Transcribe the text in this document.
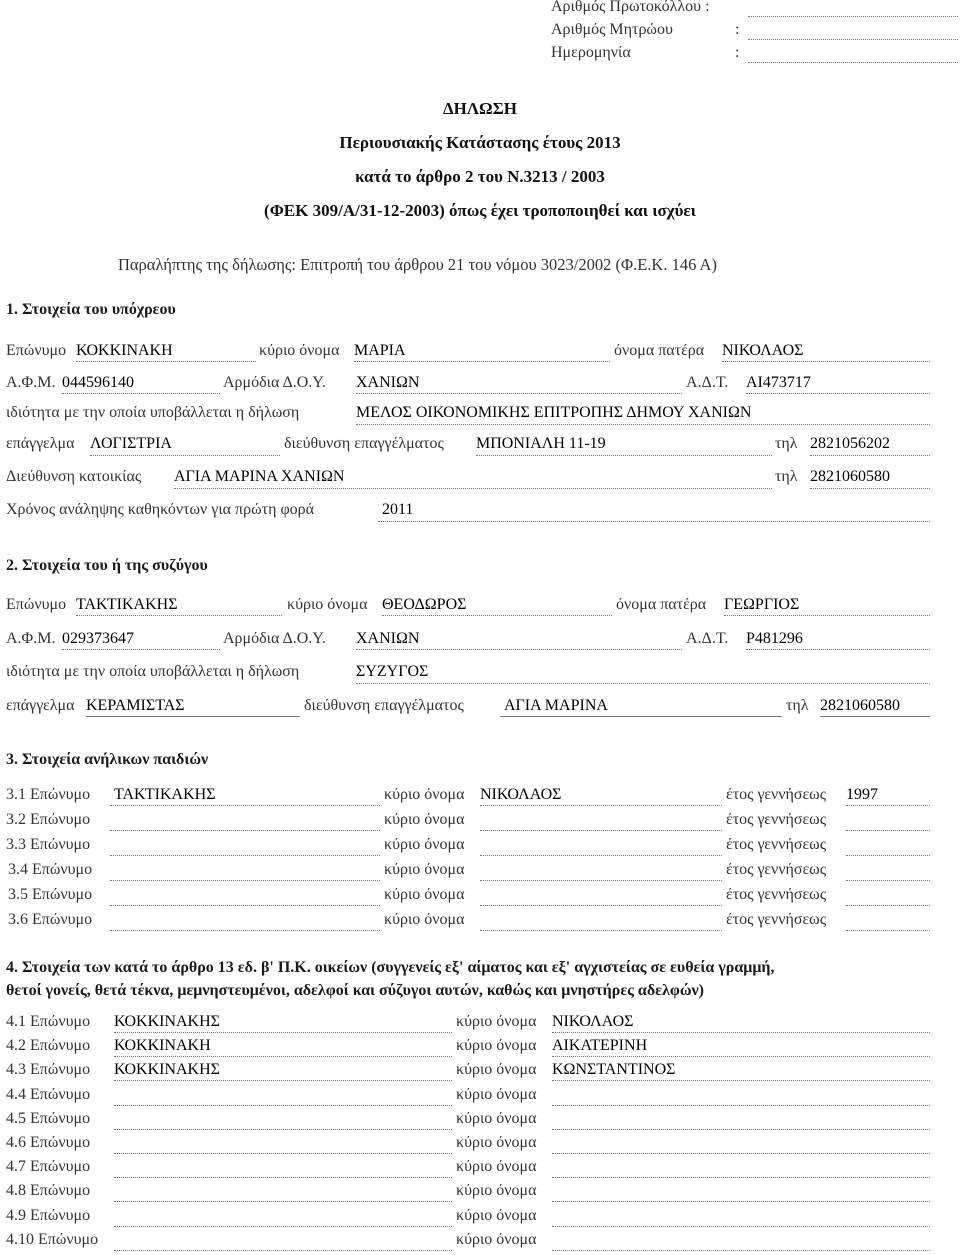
Αριθμός Πρωτοκόλλου :
Αριθμός Μητρώου	:
Ημερομηνία	:
ΔΗΛΩΣΗ
Περιουσιακής Κατάστασης έτους 2013
κατά το άρθρο 2 του Ν.3213 / 2003
(ΦΕΚ 309/Α/31-12-2003) όπως έχει τροποποιηθεί και ισχύει
Παραλήπτης της δήλωσης: Επιτροπή του άρθρου 21 του νόμου 3023/2002 (Φ.Ε.Κ. 146 Α)
1. Στοιχεία του υπόχρεου
Επώνυμο ΚΟΚΚΙΝΑΚΗ	κύριο όνομα ΜΑΡΙΑ	όνομα πατέρα ΝΙΚΟΛΑΟΣ
Α.Φ.Μ. 044596140	Αρμόδια Δ.Ο.Υ. ΧΑΝΙΩΝ	Α.Δ.Τ. ΑΙ473717
ιδιότητα με την οποία υποβάλλεται η δήλωση	ΜΕΛΟΣ ΟΙΚΟΝΟΜΙΚΗΣ ΕΠΙΤΡΟΠΗΣ ΔΗΜΟΥ ΧΑΝΙΩΝ
επάγγελμα ΛΟΓΙΣΤΡΙΑ	διεύθυνση επαγγέλματος ΜΠΟΝΙΑΛΗ 11-19	τηλ 2821056202
Διεύθυνση κατοικίας ΑΓΙΑ ΜΑΡΙΝΑ ΧΑΝΙΩΝ	τηλ 2821060580
Χρόνος ανάληψης καθηκόντων για πρώτη φορά	2011
2. Στοιχεία του ή της συζύγου
Επώνυμο ΤΑΚΤΙΚΑΚΗΣ	κύριο όνομα ΘΕΟΔΩΡΟΣ	όνομα πατέρα ΓΕΩΡΓΙΟΣ
Α.Φ.Μ. 029373647	Αρμόδια Δ.Ο.Υ. ΧΑΝΙΩΝ	Α.Δ.Τ. Ρ481296
ιδιότητα με την οποία υποβάλλεται η δήλωση	ΣΥΖΥΓΟΣ
επάγγελμα ΚΕΡΑΜΙΣΤΑΣ	διεύθυνση επαγγέλματος	ΑΓΙΑ ΜΑΡΙΝΑ	τηλ 2821060580
3. Στοιχεία ανήλικων παιδιών
3.1 Επώνυμο ΤΑΚΤΙΚΑΚΗΣ	κύριο όνομα ΝΙΚΟΛΑΟΣ	έτος γεννήσεως 1997
3.2 Επώνυμο	κύριο όνομα	έτος γεννήσεως
3.3 Επώνυμο	κύριο όνομα	έτος γεννήσεως
3.4 Επώνυμο	κύριο όνομα	έτος γεννήσεως
3.5 Επώνυμο	κύριο όνομα	έτος γεννήσεως
3.6 Επώνυμο	κύριο όνομα	έτος γεννήσεως
4. Στοιχεία των κατά το άρθρο 13 εδ. β' Π.Κ. οικείων (συγγενείς εξ' αίματος και εξ' αγχιστείας σε ευθεία γραμμή,
θετοί γονείς, θετά τέκνα, μεμνηστευμένοι, αδελφοί και σύζυγοι αυτών, καθώς και μνηστήρες αδελφών)
4.1 Επώνυμο ΚΟΚΚΙΝΑΚΗΣ	κύριο όνομα ΝΙΚΟΛΑΟΣ
4.2 Επώνυμο ΚΟΚΚΙΝΑΚΗ	κύριο όνομα ΑΙΚΑΤΕΡΙΝΗ
4.3 Επώνυμο ΚΟΚΚΙΝΑΚΗΣ	κύριο όνομα ΚΩΝΣΤΑΝΤΙΝΟΣ
4.4 Επώνυμο	κύριο όνομα
4.5 Επώνυμο	κύριο όνομα
4.6 Επώνυμο	κύριο όνομα
4.7 Επώνυμο	κύριο όνομα
4.8 Επώνυμο	κύριο όνομα
4.9 Επώνυμο	κύριο όνομα
4.10 Επώνυμο	κύριο όνομα
